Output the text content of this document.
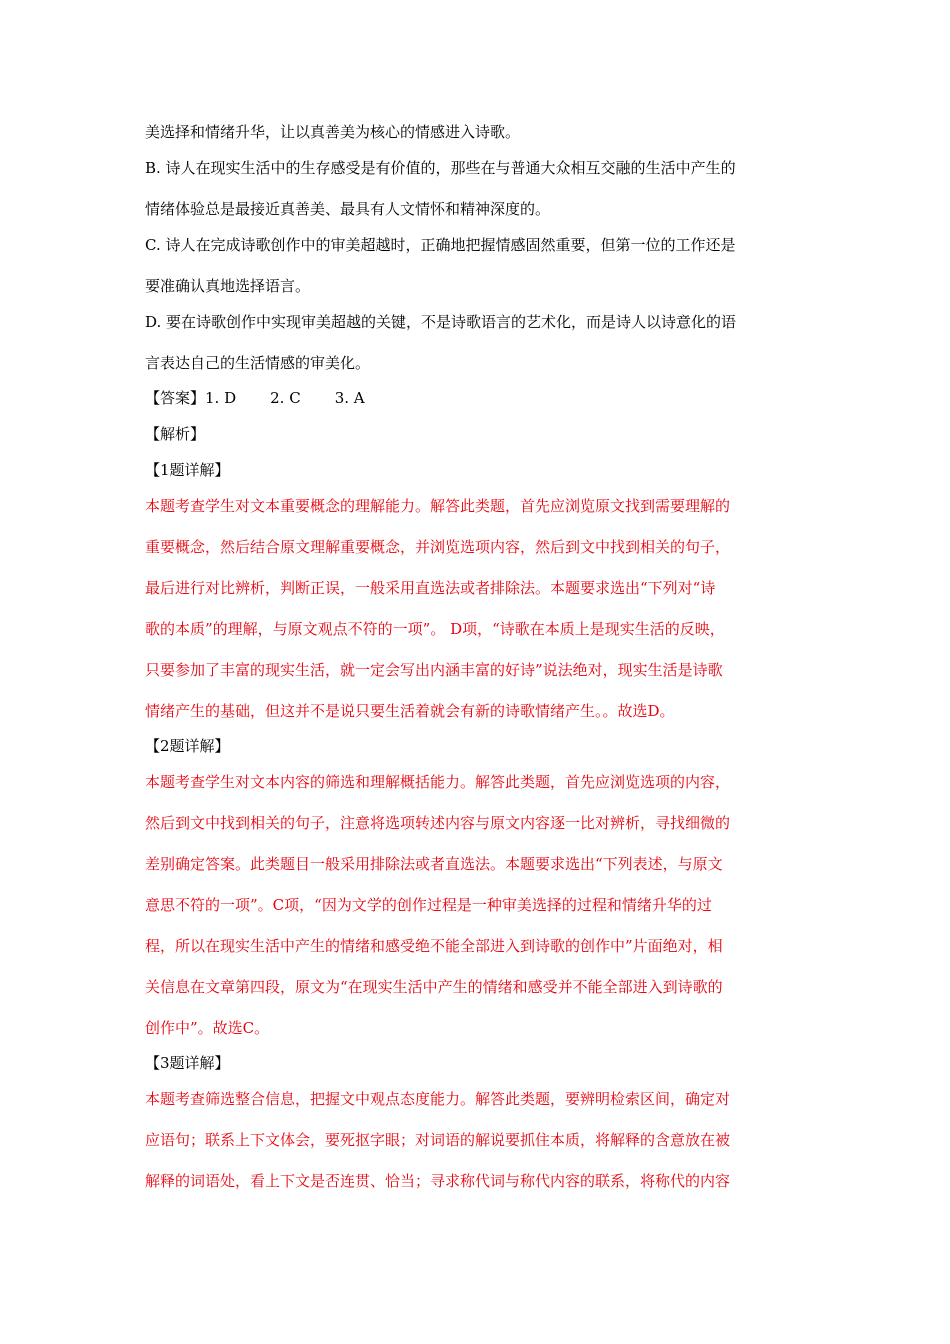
美选择和情绪升华，让以真善美为核心的情感进入诗歌。
B. 诗人在现实生活中的生存感受是有价值的，那些在与普通大众相互交融的生活中产生的
情绪体验总是最接近真善美、最具有人文情怀和精神深度的。
C. 诗人在完成诗歌创作中的审美超越时，正确地把握情感固然重要，但第一位的工作还是
要准确认真地选择语言。
D. 要在诗歌创作中实现审美超越的关键，不是诗歌语言的艺术化，而是诗人以诗意化的语
言表达自己的生活情感的审美化。
【答案】1. D 2. C 3. A
【解析】
【1题详解】
本题考查学生对文本重要概念的理解能力。解答此类题，首先应浏览原文找到需要理解的
重要概念，然后结合原文理解重要概念，并浏览选项内容，然后到文中找到相关的句子，
最后进行对比辨析，判断正误，一般采用直选法或者排除法。本题要求选出“下列对“诗
歌的本质”的理解，与原文观点不符的一项”。 D项，“诗歌在本质上是现实生活的反映，
只要参加了丰富的现实生活，就一定会写出内涵丰富的好诗”说法绝对，现实生活是诗歌
情绪产生的基础，但这并不是说只要生活着就会有新的诗歌情绪产生。。故选D。
【2题详解】
本题考查学生对文本内容的筛选和理解概括能力。解答此类题，首先应浏览选项的内容，
然后到文中找到相关的句子，注意将选项转述内容与原文内容逐一比对辨析，寻找细微的
差别确定答案。此类题目一般采用排除法或者直选法。本题要求选出“下列表述，与原文
意思不符的一项”。C项，“因为文学的创作过程是一种审美选择的过程和情绪升华的过
程，所以在现实生活中产生的情绪和感受绝不能全部进入到诗歌的创作中”片面绝对，相
关信息在文章第四段，原文为“在现实生活中产生的情绪和感受并不能全部进入到诗歌的
创作中”。故选C。
【3题详解】
本题考查筛选整合信息，把握文中观点态度能力。解答此类题，要辨明检索区间，确定对
应语句；联系上下文体会，要死抠字眼；对词语的解说要抓住本质，将解释的含意放在被
解释的词语处，看上下文是否连贯、恰当；寻求称代词与称代内容的联系，将称代的内容
